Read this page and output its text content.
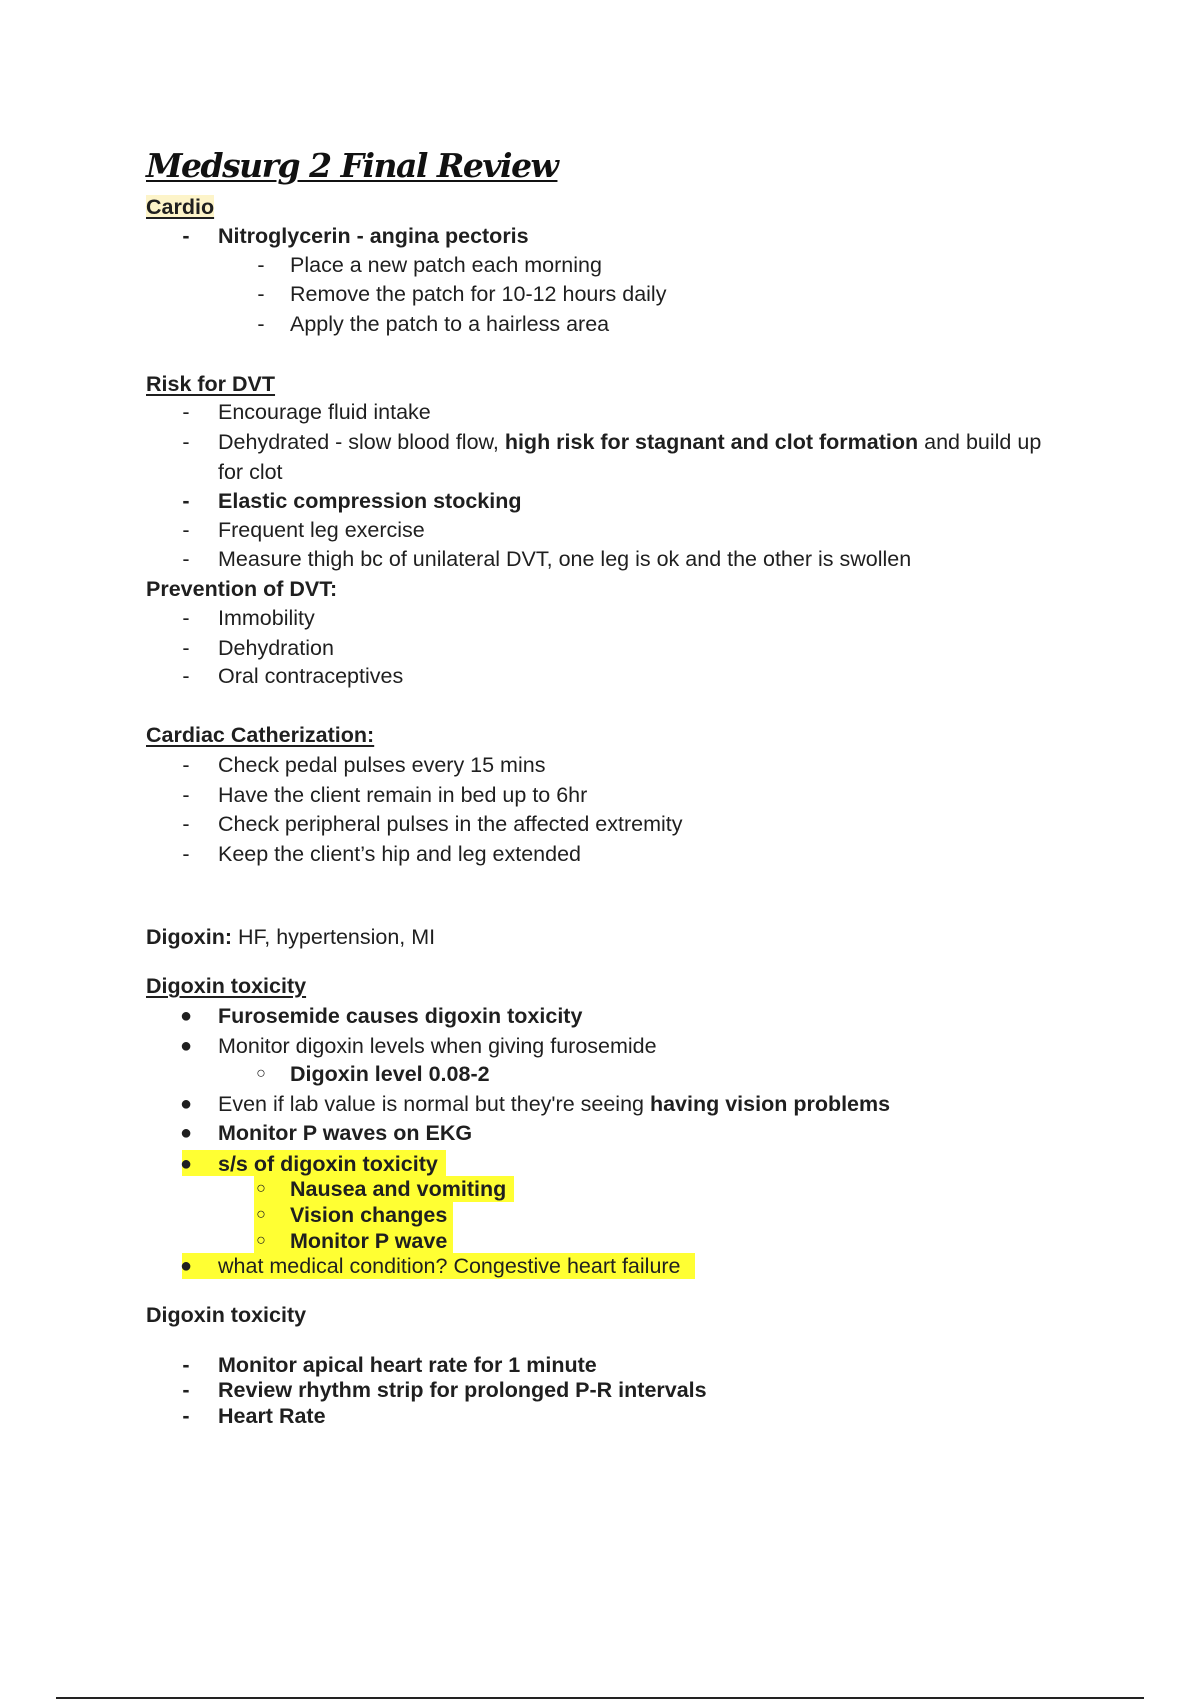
Medsurg 2 Final Review
Cardio
-	Nitroglycerin - angina pectoris
-	Place a new patch each morning
-	Remove the patch for 10-12 hours daily
-	Apply the patch to a hairless area
Risk for DVT
-	Encourage fluid intake
-	Dehydrated - slow blood flow, high risk for stagnant and clot formation and build up
for clot
-	Elastic compression stocking
-	Frequent leg exercise
-	Measure thigh bc of unilateral DVT, one leg is ok and the other is swollen
Prevention of DVT:
-	Immobility
-	Dehydration
-	Oral contraceptives
Cardiac Catherization:
-	Check pedal pulses every 15 mins
-	Have the client remain in bed up to 6hr
-	Check peripheral pulses in the affected extremity
-	Keep the client’s hip and leg extended
Digoxin: HF, hypertension, MI
Digoxin toxicity
● Furosemide causes digoxin toxicity
● Monitor digoxin levels when giving furosemide
○	Digoxin level 0.08-2
● Even if lab value is normal but they're seeing having vision problems
● Monitor P waves on EKG
● s/s of digoxin toxicity
○	Nausea and vomiting
○	Vision changes
○	Monitor P wave
● what medical condition? Congestive heart failure
Digoxin toxicity
-	Monitor apical heart rate for 1 minute
-	Review rhythm strip for prolonged P-R intervals
-	Heart Rate
